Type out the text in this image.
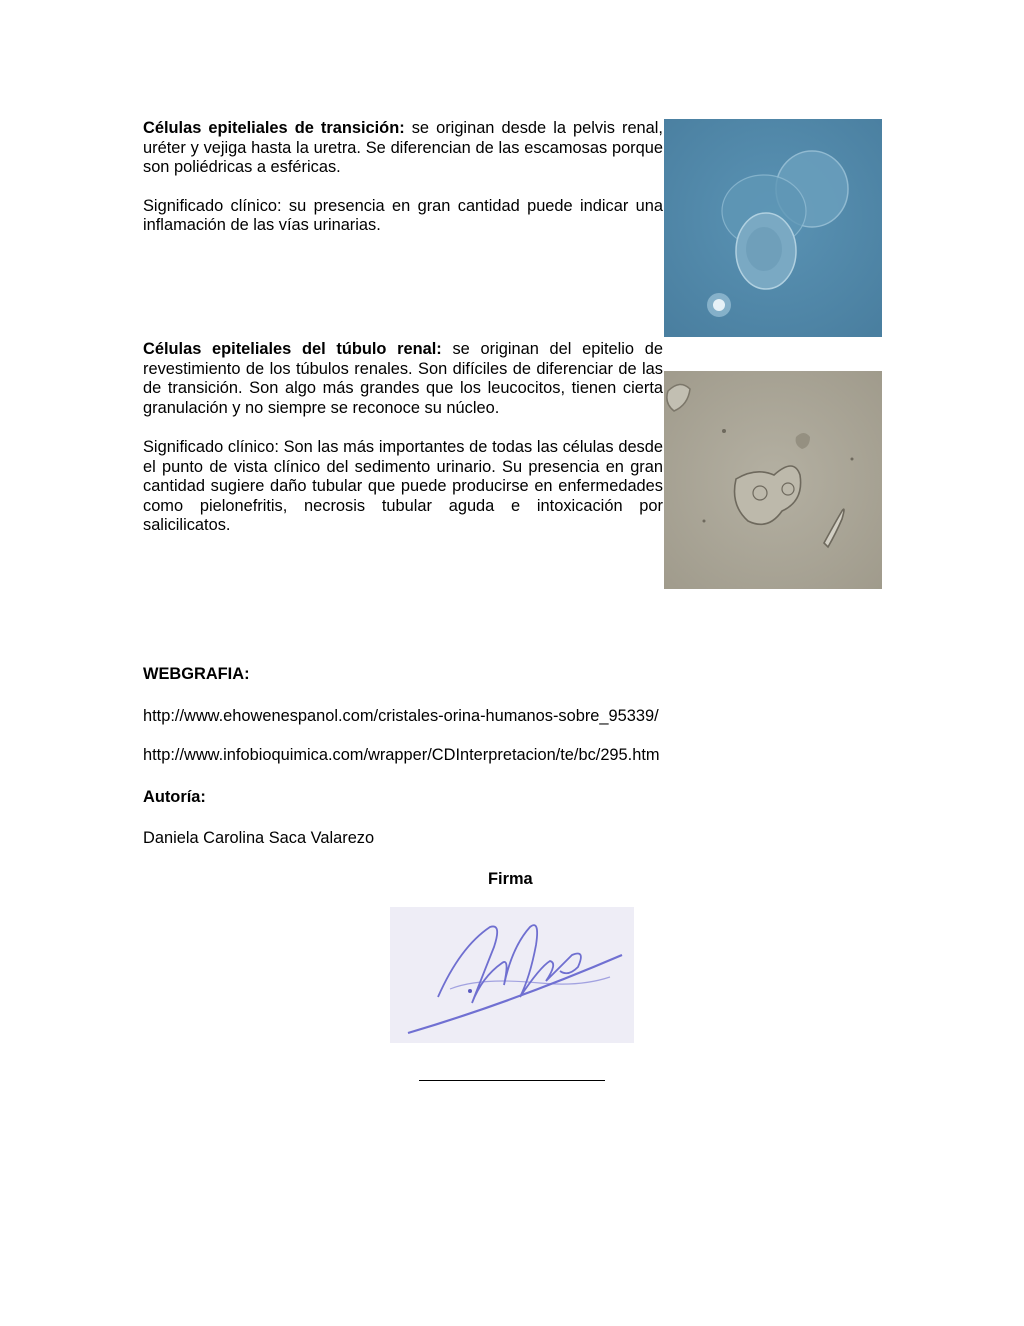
Células epiteliales de transición: se originan desde la pelvis renal, uréter y vejiga hasta la uretra. Se diferencian de las escamosas porque son poliédricas a esféricas.

Significado clínico: su presencia en gran cantidad puede indicar una inflamación de las vías urinarias.

Células epiteliales del túbulo renal: se originan del epitelio de revestimiento de los túbulos renales. Son difíciles de diferenciar de las de transición. Son algo más grandes que los leucocitos, tienen cierta granulación y no siempre se reconoce su núcleo.

Significado clínico: Son las más importantes de todas las células desde el punto de vista clínico del sedimento urinario. Su presencia en gran cantidad sugiere daño tubular que puede producirse en enfermedades como pielonefritis, necrosis tubular aguda e intoxicación por salicilicatos.

WEBGRAFIA:
http://www.ehowenespanol.com/cristales-orina-humanos-sobre_95339/
http://www.infobioquimica.com/wrapper/CDInterpretacion/te/bc/295.htm
Autoría:
Daniela Carolina Saca Valarezo
Firma
